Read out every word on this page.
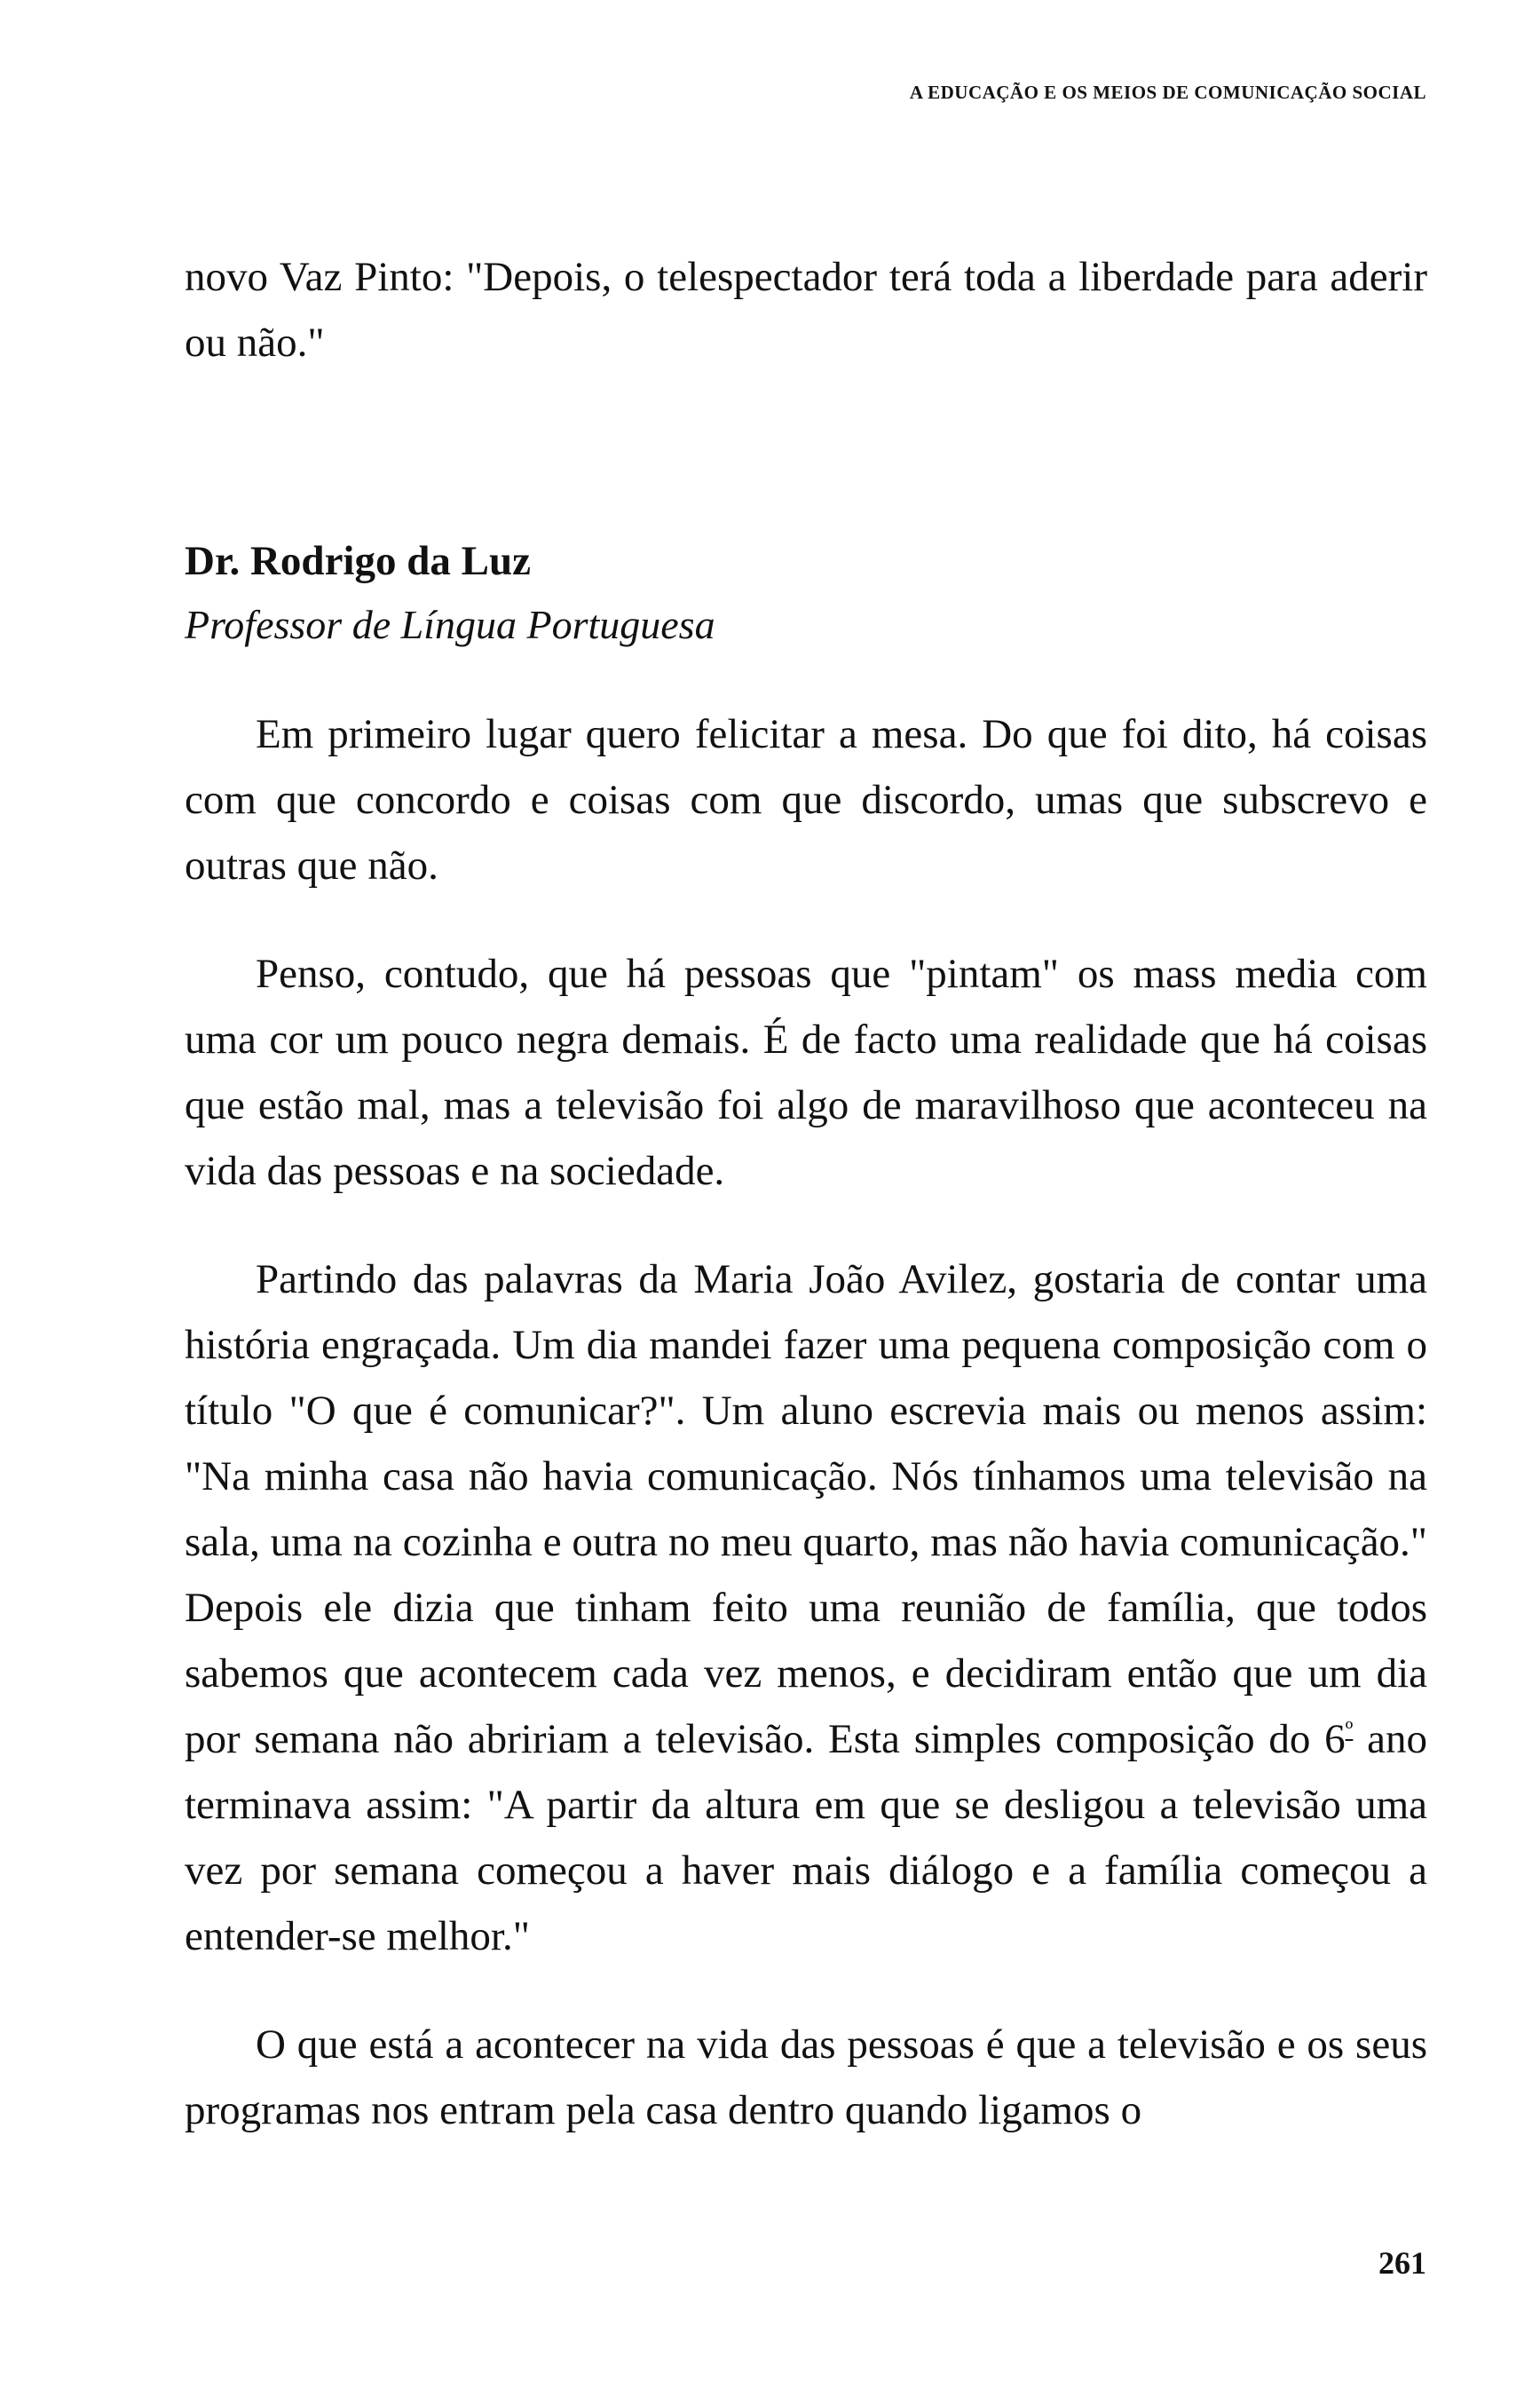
A EDUCAÇÃO E OS MEIOS DE COMUNICAÇÃO SOCIAL

novo Vaz Pinto: "Depois, o telespectador terá toda a liberdade para aderir ou não."

Dr. Rodrigo da Luz
Professor de Língua Portuguesa

Em primeiro lugar quero felicitar a mesa. Do que foi dito, há coisas com que concordo e coisas com que discordo, umas que subscrevo e outras que não.

Penso, contudo, que há pessoas que "pintam" os mass media com uma cor um pouco negra demais. É de facto uma realidade que há coisas que estão mal, mas a televisão foi algo de maravilhoso que aconteceu na vida das pessoas e na sociedade.

Partindo das palavras da Maria João Avilez, gostaria de contar uma história engraçada. Um dia mandei fazer uma pequena composição com o título "O que é comunicar?". Um aluno escrevia mais ou menos assim: "Na minha casa não havia comunicação. Nós tínhamos uma televisão na sala, uma na cozinha e outra no meu quarto, mas não havia comunicação." Depois ele dizia que tinham feito uma reunião de família, que todos sabemos que acontecem cada vez menos, e decidiram então que um dia por semana não abririam a televisão. Esta simples composição do $6^º$ ano terminava assim: "A partir da altura em que se desligou a televisão uma vez por semana começou a haver mais diálogo e a família começou a entender-se melhor."

O que está a acontecer na vida das pessoas é que a televisão e os seus programas nos entram pela casa dentro quando ligamos o

261
